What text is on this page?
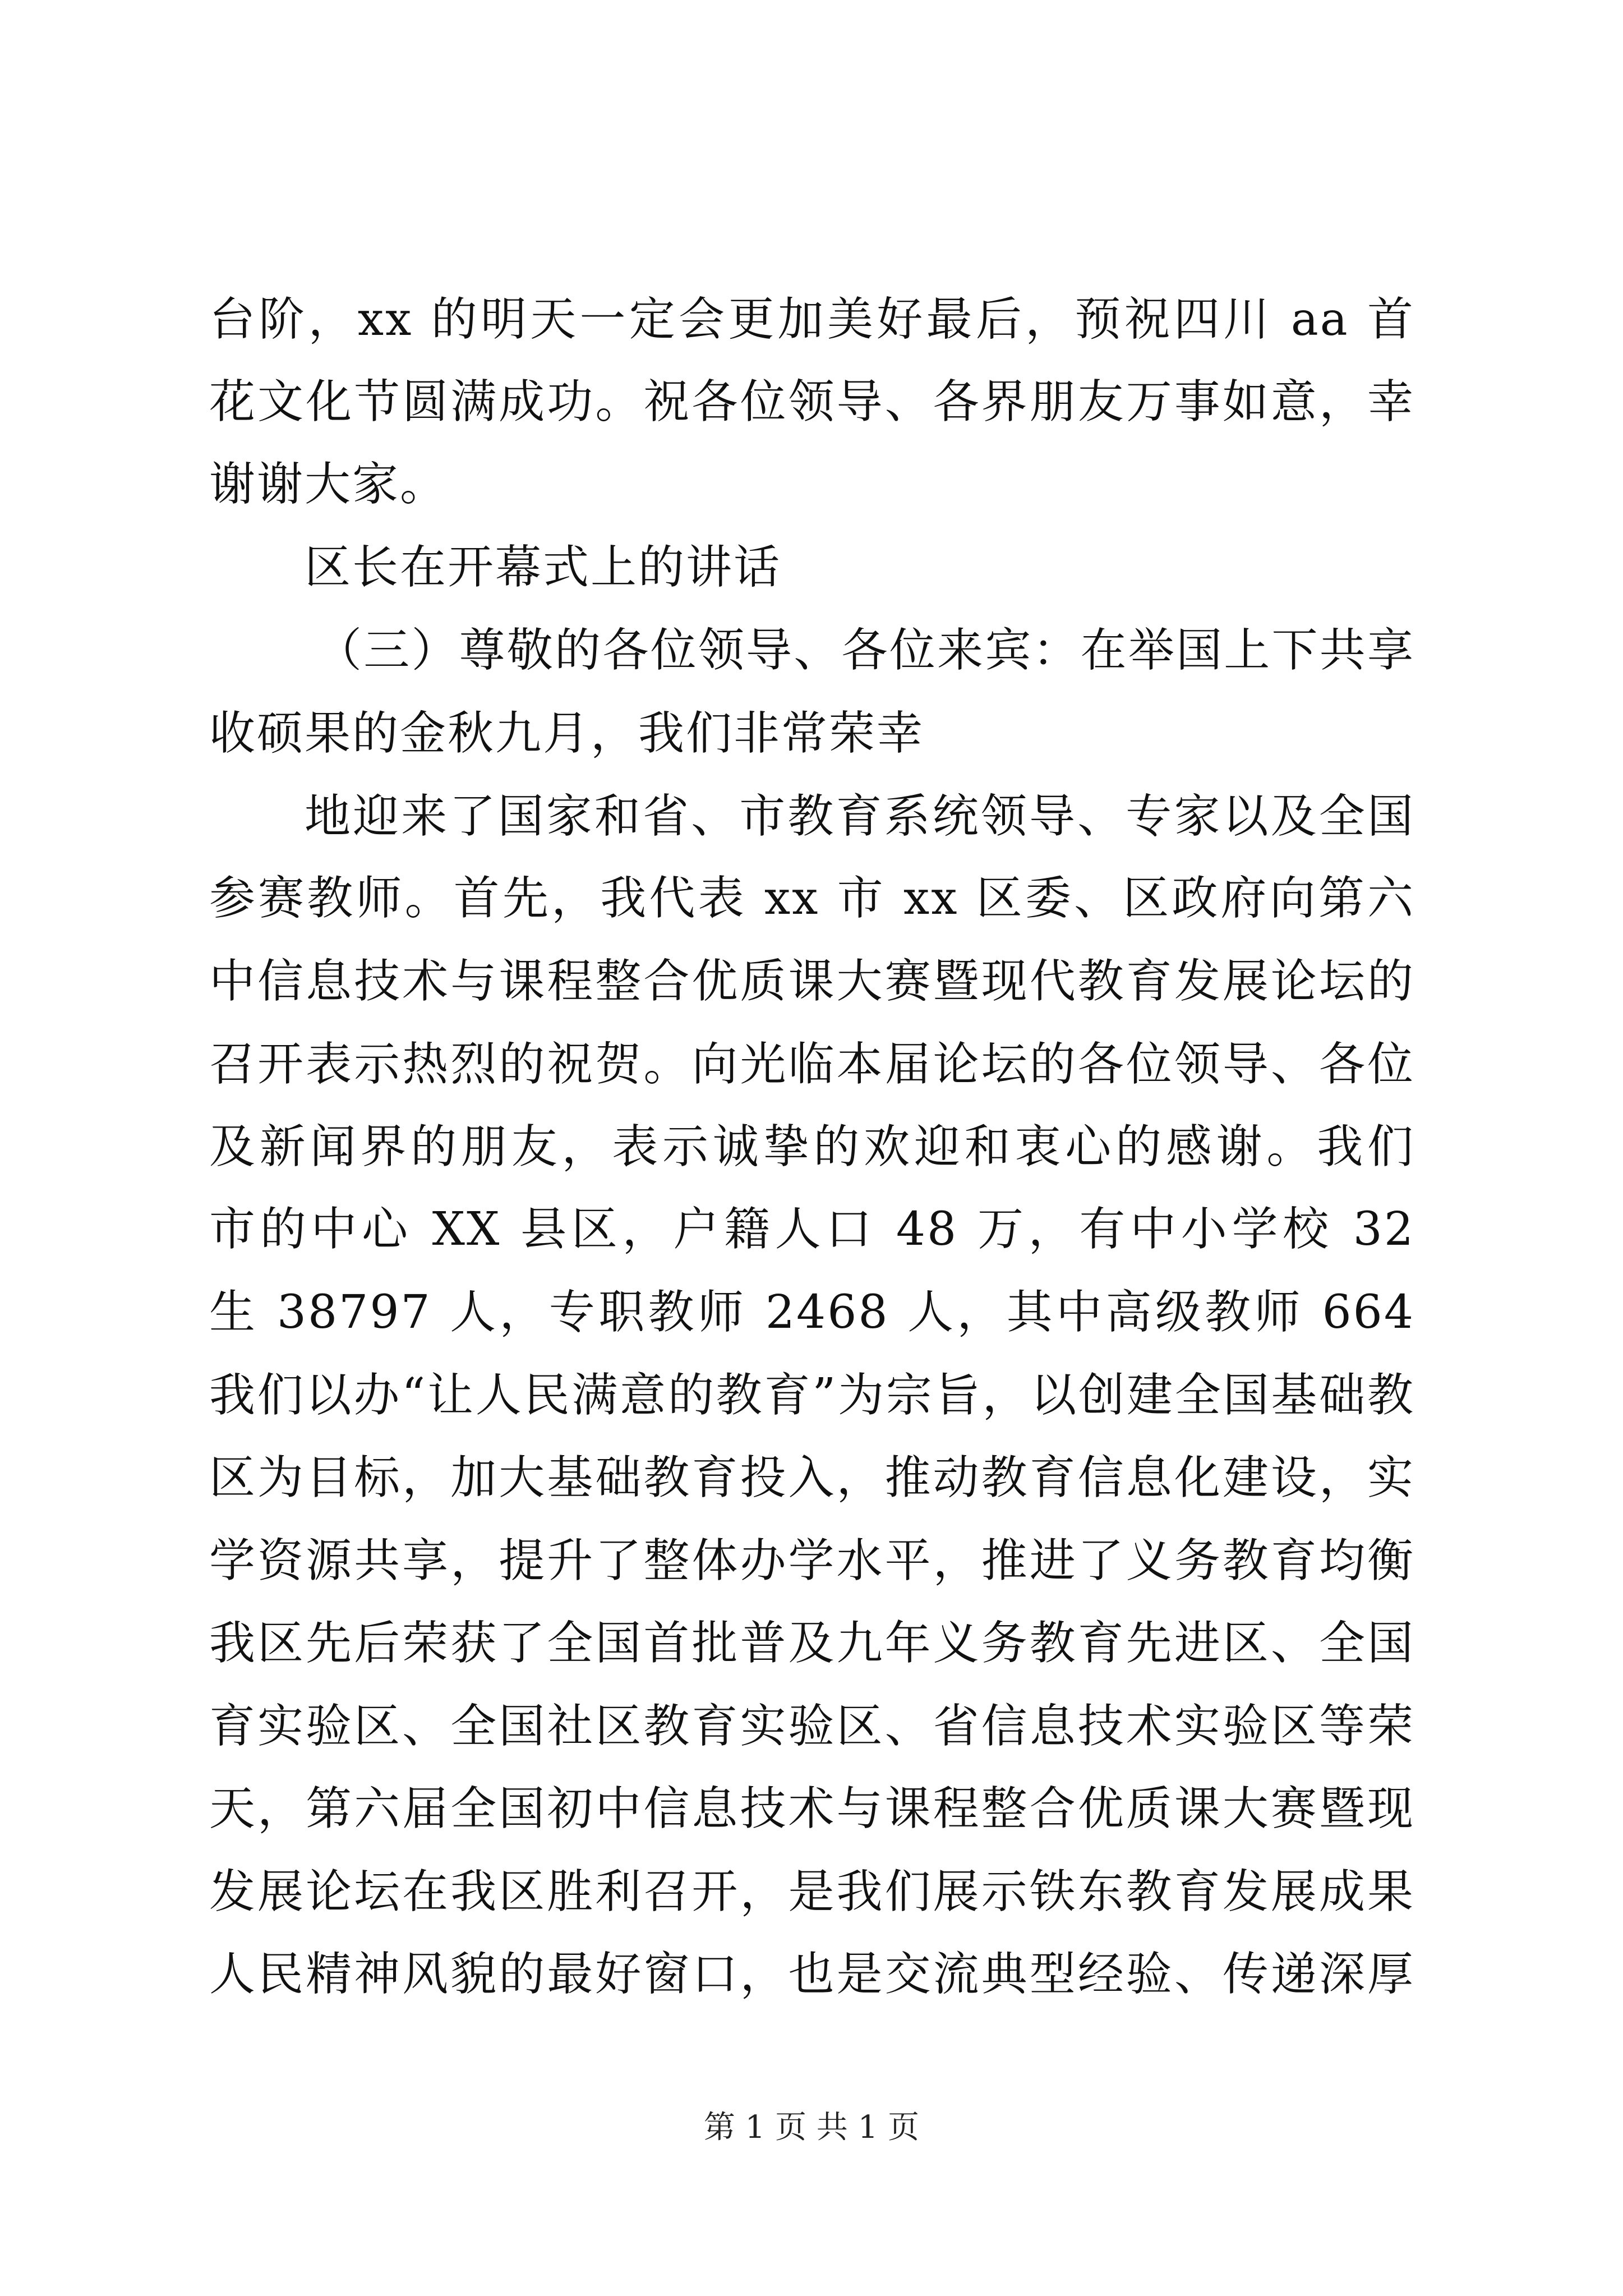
台阶，xx 的明天一定会更加美好最后，预祝四川 aa 首
花文化节圆满成功。祝各位领导、各界朋友万事如意，幸
谢谢大家。
区长在开幕式上的讲话
（三）尊敬的各位领导、各位来宾：在举国上下共享
收硕果的金秋九月，我们非常荣幸
地迎来了国家和省、市教育系统领导、专家以及全国
参赛教师。首先，我代表 xx 市 xx 区委、区政府向第六
中信息技术与课程整合优质课大赛暨现代教育发展论坛的
召开表示热烈的祝贺。向光临本届论坛的各位领导、各位
及新闻界的朋友，表示诚挚的欢迎和衷心的感谢。我们
市的中心 XX 县区，户籍人口 48 万，有中小学校 32
生 38797 人，专职教师 2468 人，其中高级教师 664
我们以办“让人民满意的教育”为宗旨，以创建全国基础教
区为目标，加大基础教育投入，推动教育信息化建设，实
学资源共享，提升了整体办学水平，推进了义务教育均衡
我区先后荣获了全国首批普及九年义务教育先进区、全国
育实验区、全国社区教育实验区、省信息技术实验区等荣
天，第六届全国初中信息技术与课程整合优质课大赛暨现
发展论坛在我区胜利召开，是我们展示铁东教育发展成果
人民精神风貌的最好窗口，也是交流典型经验、传递深厚
第 1 页 共 1 页
